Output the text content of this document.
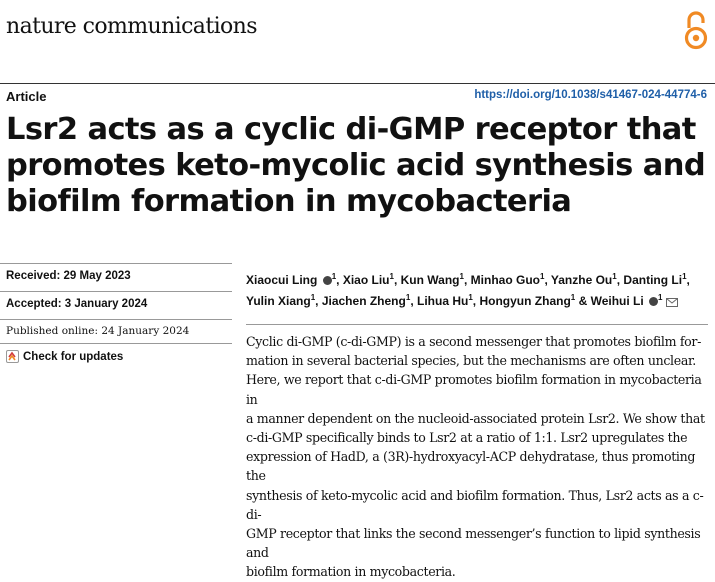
nature communications
Article	https://doi.org/10.1038/s41467-024-44774-6
Lsr2 acts as a cyclic di-GMP receptor that
promotes keto-mycolic acid synthesis and
biofilm formation in mycobacteria
Received: 29 May 2023
Accepted: 3 January 2024
Published online: 24 January 2024
Check for updates
Xiaocui Ling $^1$, Xiao Liu$^1$, Kun Wang$^1$, Minhao Guo$^1$, Yanzhe Ou$^1$, Danting Li$^1$,
Yulin Xiang$^1$, Jiachen Zheng$^1$, Lihua Hu$^1$, Hongyun Zhang$^1$ & Weihui Li $^1$

Cyclic di-GMP (c-di-GMP) is a second messenger that promotes biofilm for-
mation in several bacterial species, but the mechanisms are often unclear.
Here, we report that c-di-GMP promotes biofilm formation in mycobacteria in
a manner dependent on the nucleoid-associated protein Lsr2. We show that
c-di-GMP specifically binds to Lsr2 at a ratio of 1:1. Lsr2 upregulates the
expression of HadD, a (3R)-hydroxyacyl-ACP dehydratase, thus promoting the
synthesis of keto-mycolic acid and biofilm formation. Thus, Lsr2 acts as a c-di-
GMP receptor that links the second messenger’s function to lipid synthesis and
biofilm formation in mycobacteria.
